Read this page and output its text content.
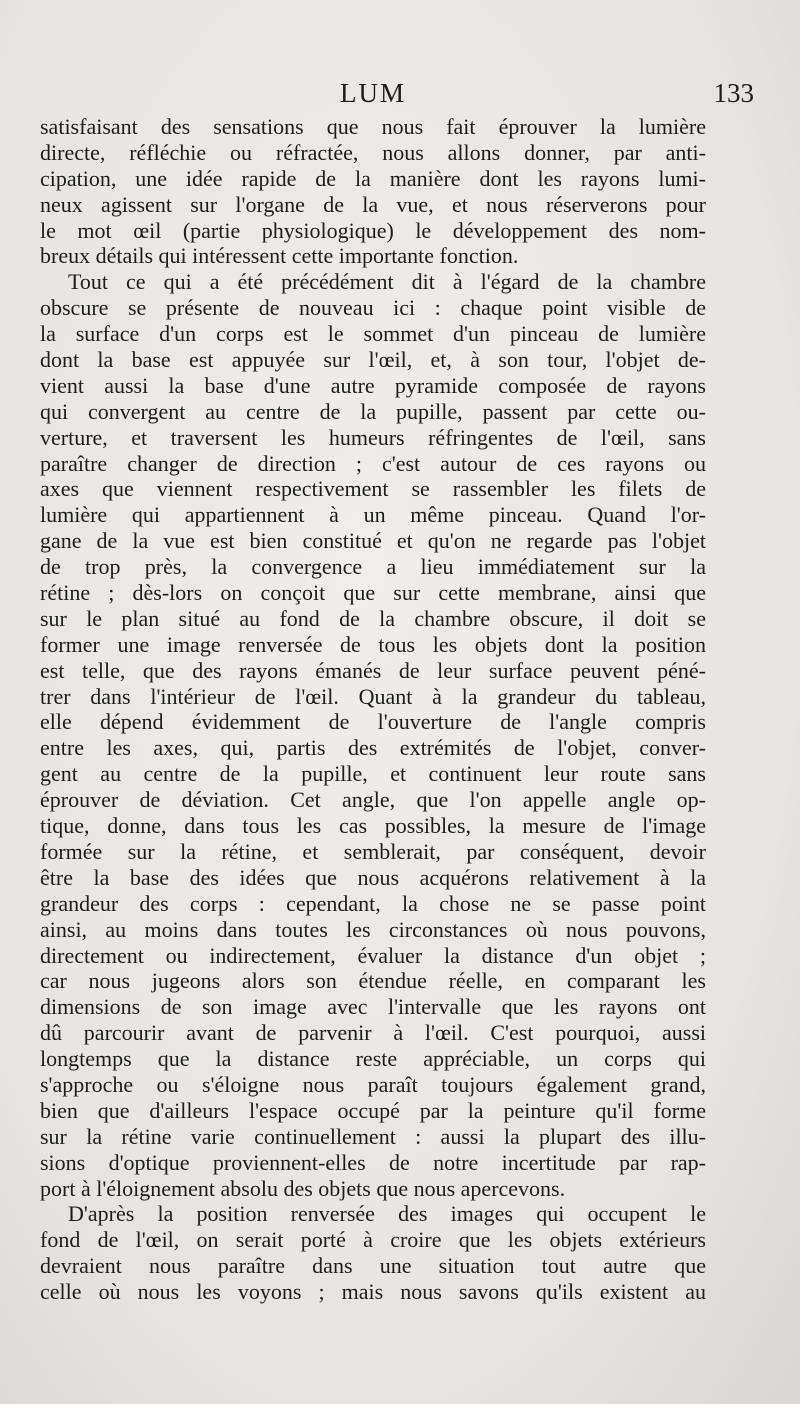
LUM	133
satisfaisant des sensations que nous fait éprouver la lumière
directe, réfléchie ou réfractée, nous allons donner, par anti-
cipation, une idée rapide de la manière dont les rayons lumi-
neux agissent sur l'organe de la vue, et nous réserverons pour
le mot œil (partie physiologique) le développement des nom-
breux détails qui intéressent cette importante fonction.
Tout ce qui a été précédément dit à l'égard de la chambre
obscure se présente de nouveau ici : chaque point visible de
la surface d'un corps est le sommet d'un pinceau de lumière
dont la base est appuyée sur l'œil, et, à son tour, l'objet de-
vient aussi la base d'une autre pyramide composée de rayons
qui convergent au centre de la pupille, passent par cette ou-
verture, et traversent les humeurs réfringentes de l'œil, sans
paraître changer de direction ; c'est autour de ces rayons ou
axes que viennent respectivement se rassembler les filets de
lumière qui appartiennent à un même pinceau. Quand l'or-
gane de la vue est bien constitué et qu'on ne regarde pas l'objet
de trop près, la convergence a lieu immédiatement sur la
rétine ; dès-lors on conçoit que sur cette membrane, ainsi que
sur le plan situé au fond de la chambre obscure, il doit se
former une image renversée de tous les objets dont la position
est telle, que des rayons émanés de leur surface peuvent péné-
trer dans l'intérieur de l'œil. Quant à la grandeur du tableau,
elle dépend évidemment de l'ouverture de l'angle compris
entre les axes, qui, partis des extrémités de l'objet, conver-
gent au centre de la pupille, et continuent leur route sans
éprouver de déviation. Cet angle, que l'on appelle angle op-
tique, donne, dans tous les cas possibles, la mesure de l'image
formée sur la rétine, et semblerait, par conséquent, devoir
être la base des idées que nous acquérons relativement à la
grandeur des corps : cependant, la chose ne se passe point
ainsi, au moins dans toutes les circonstances où nous pouvons,
directement ou indirectement, évaluer la distance d'un objet ;
car nous jugeons alors son étendue réelle, en comparant les
dimensions de son image avec l'intervalle que les rayons ont
dû parcourir avant de parvenir à l'œil. C'est pourquoi, aussi
longtemps que la distance reste appréciable, un corps qui
s'approche ou s'éloigne nous paraît toujours également grand,
bien que d'ailleurs l'espace occupé par la peinture qu'il forme
sur la rétine varie continuellement : aussi la plupart des illu-
sions d'optique proviennent-elles de notre incertitude par rap-
port à l'éloignement absolu des objets que nous apercevons.
D'après la position renversée des images qui occupent le
fond de l'œil, on serait porté à croire que les objets extérieurs
devraient nous paraître dans une situation tout autre que
celle où nous les voyons ; mais nous savons qu'ils existent au
